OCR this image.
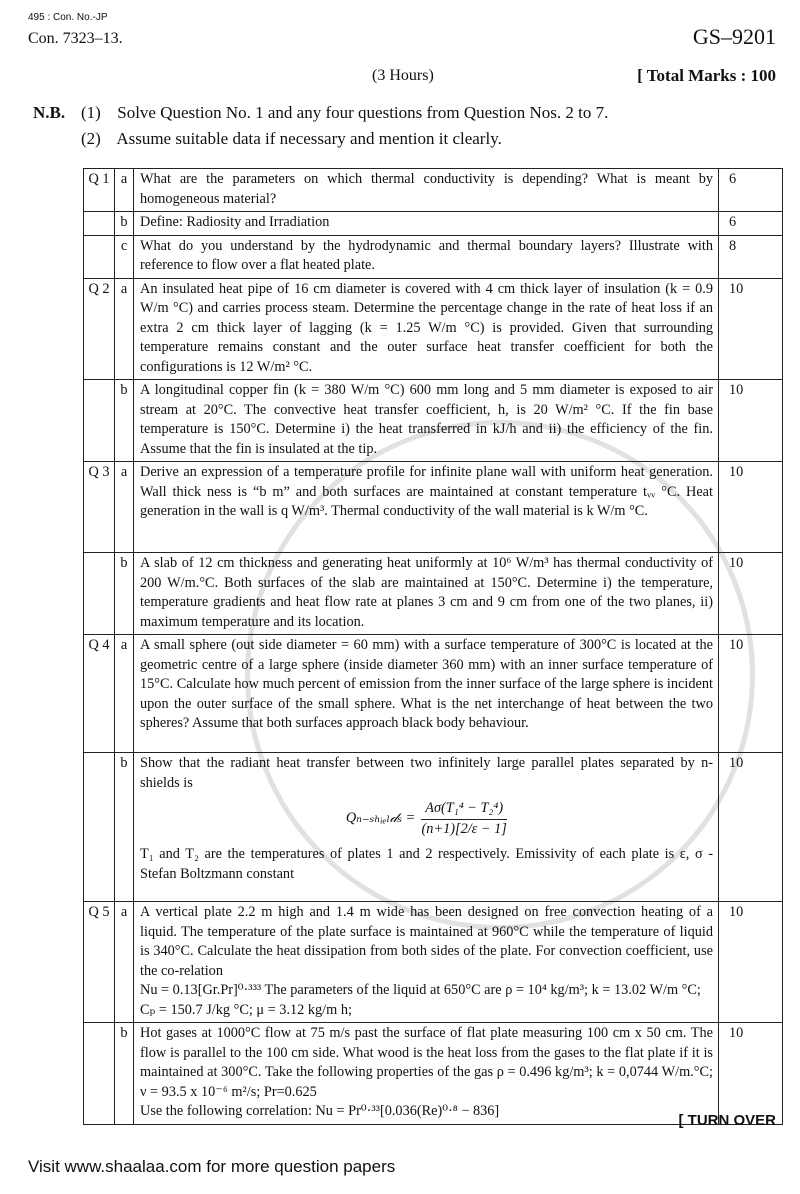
495 : Con. No.-JP
Con. 7323–13.	GS–9201
(3 Hours)	[ Total Marks : 100
N.B. (1) Solve Question No. 1 and any four questions from Question Nos. 2 to 7.
(2) Assume suitable data if necessary and mention it clearly.
Q 1	a	What are the parameters on which thermal conductivity is depending? What is meant by homogeneous material?	6
	b	Define: Radiosity and Irradiation	6
	c	What do you understand by the hydrodynamic and thermal boundary layers? Illustrate with reference to flow over a flat heated plate.	8
Q 2	a	An insulated heat pipe of 16 cm diameter is covered with 4 cm thick layer of insulation (k = 0.9 W/m °C) and carries process steam. Determine the percentage change in the rate of heat loss if an extra 2 cm thick layer of lagging (k = 1.25 W/m °C) is provided. Given that surrounding temperature remains constant and the outer surface heat transfer coefficient for both the configurations is 12 W/m² °C.	10
	b	A longitudinal copper fin (k = 380 W/m °C) 600 mm long and 5 mm diameter is exposed to air stream at 20°C. The convective heat transfer coefficient, h, is 20 W/m² °C. If the fin base temperature is 150°C. Determine i) the heat transferred in kJ/h and ii) the efficiency of the fin. Assume that the fin is insulated at the tip.	10
Q 3	a	Derive an expression of a temperature profile for infinite plane wall with uniform heat generation. Wall thick ness is “b m” and both surfaces are maintained at constant temperature tᵥᵥ °C. Heat generation in the wall is q W/m³. Thermal conductivity of the wall material is k W/m °C.	10
	b	A slab of 12 cm thickness and generating heat uniformly at 10⁶ W/m³ has thermal conductivity of 200 W/m.°C. Both surfaces of the slab are maintained at 150°C. Determine i) the temperature, temperature gradients and heat flow rate at planes 3 cm and 9 cm from one of the two planes, ii) maximum temperature and its location.	10
Q 4	a	A small sphere (out side diameter = 60 mm) with a surface temperature of 300°C is located at the geometric centre of a large sphere (inside diameter 360 mm) with an inner surface temperature of 15°C. Calculate how much percent of emission from the inner surface of the large sphere is incident upon the outer surface of the small sphere. What is the net interchange of heat between the two spheres? Assume that both surfaces approach black body behaviour.	10
	b	Show that the radiant heat transfer between two infinitely large parallel plates separated by n-shields is
Qₙ₋ₛₕᵢₑₗ𝒹ₛ = $\frac{\text{Aσ(T₁⁴ − T₂⁴)}}{(n+1)[2/\varepsilon - 1]}$
T₁ and T₂ are the temperatures of plates 1 and 2 respectively. Emissivity of each plate is ε, σ - Stefan Boltzmann constant	10
Q 5	a	A vertical plate 2.2 m high and 1.4 m wide has been designed on free convection heating of a liquid. The temperature of the plate surface is maintained at 960°C while the temperature of liquid is 340°C. Calculate the heat dissipation from both sides of the plate. For convection coefficient, use the co-relation
Nu = 0.13[Gr.Pr]⁰·³³³ The parameters of the liquid at 650°C are ρ = 10⁴ kg/m³; k = 13.02 W/m °C; Cₚ = 150.7 J/kg °C; μ = 3.12 kg/m h;	10
	b	Hot gases at 1000°C flow at 75 m/s past the surface of flat plate measuring 100 cm x 50 cm. The flow is parallel to the 100 cm side. What wood is the heat loss from the gases to the flat plate if it is maintained at 300°C. Take the following properties of the gas ρ = 0.496 kg/m³; k = 0,0744 W/m.°C; ν = 93.5 x 10⁻⁶ m²/s; Pr=0.625
Use the following correlation: Nu = Pr⁰·³³[0.036(Re)⁰·⁸ − 836]	10
[ TURN OVER
Visit www.shaalaa.com for more question papers
